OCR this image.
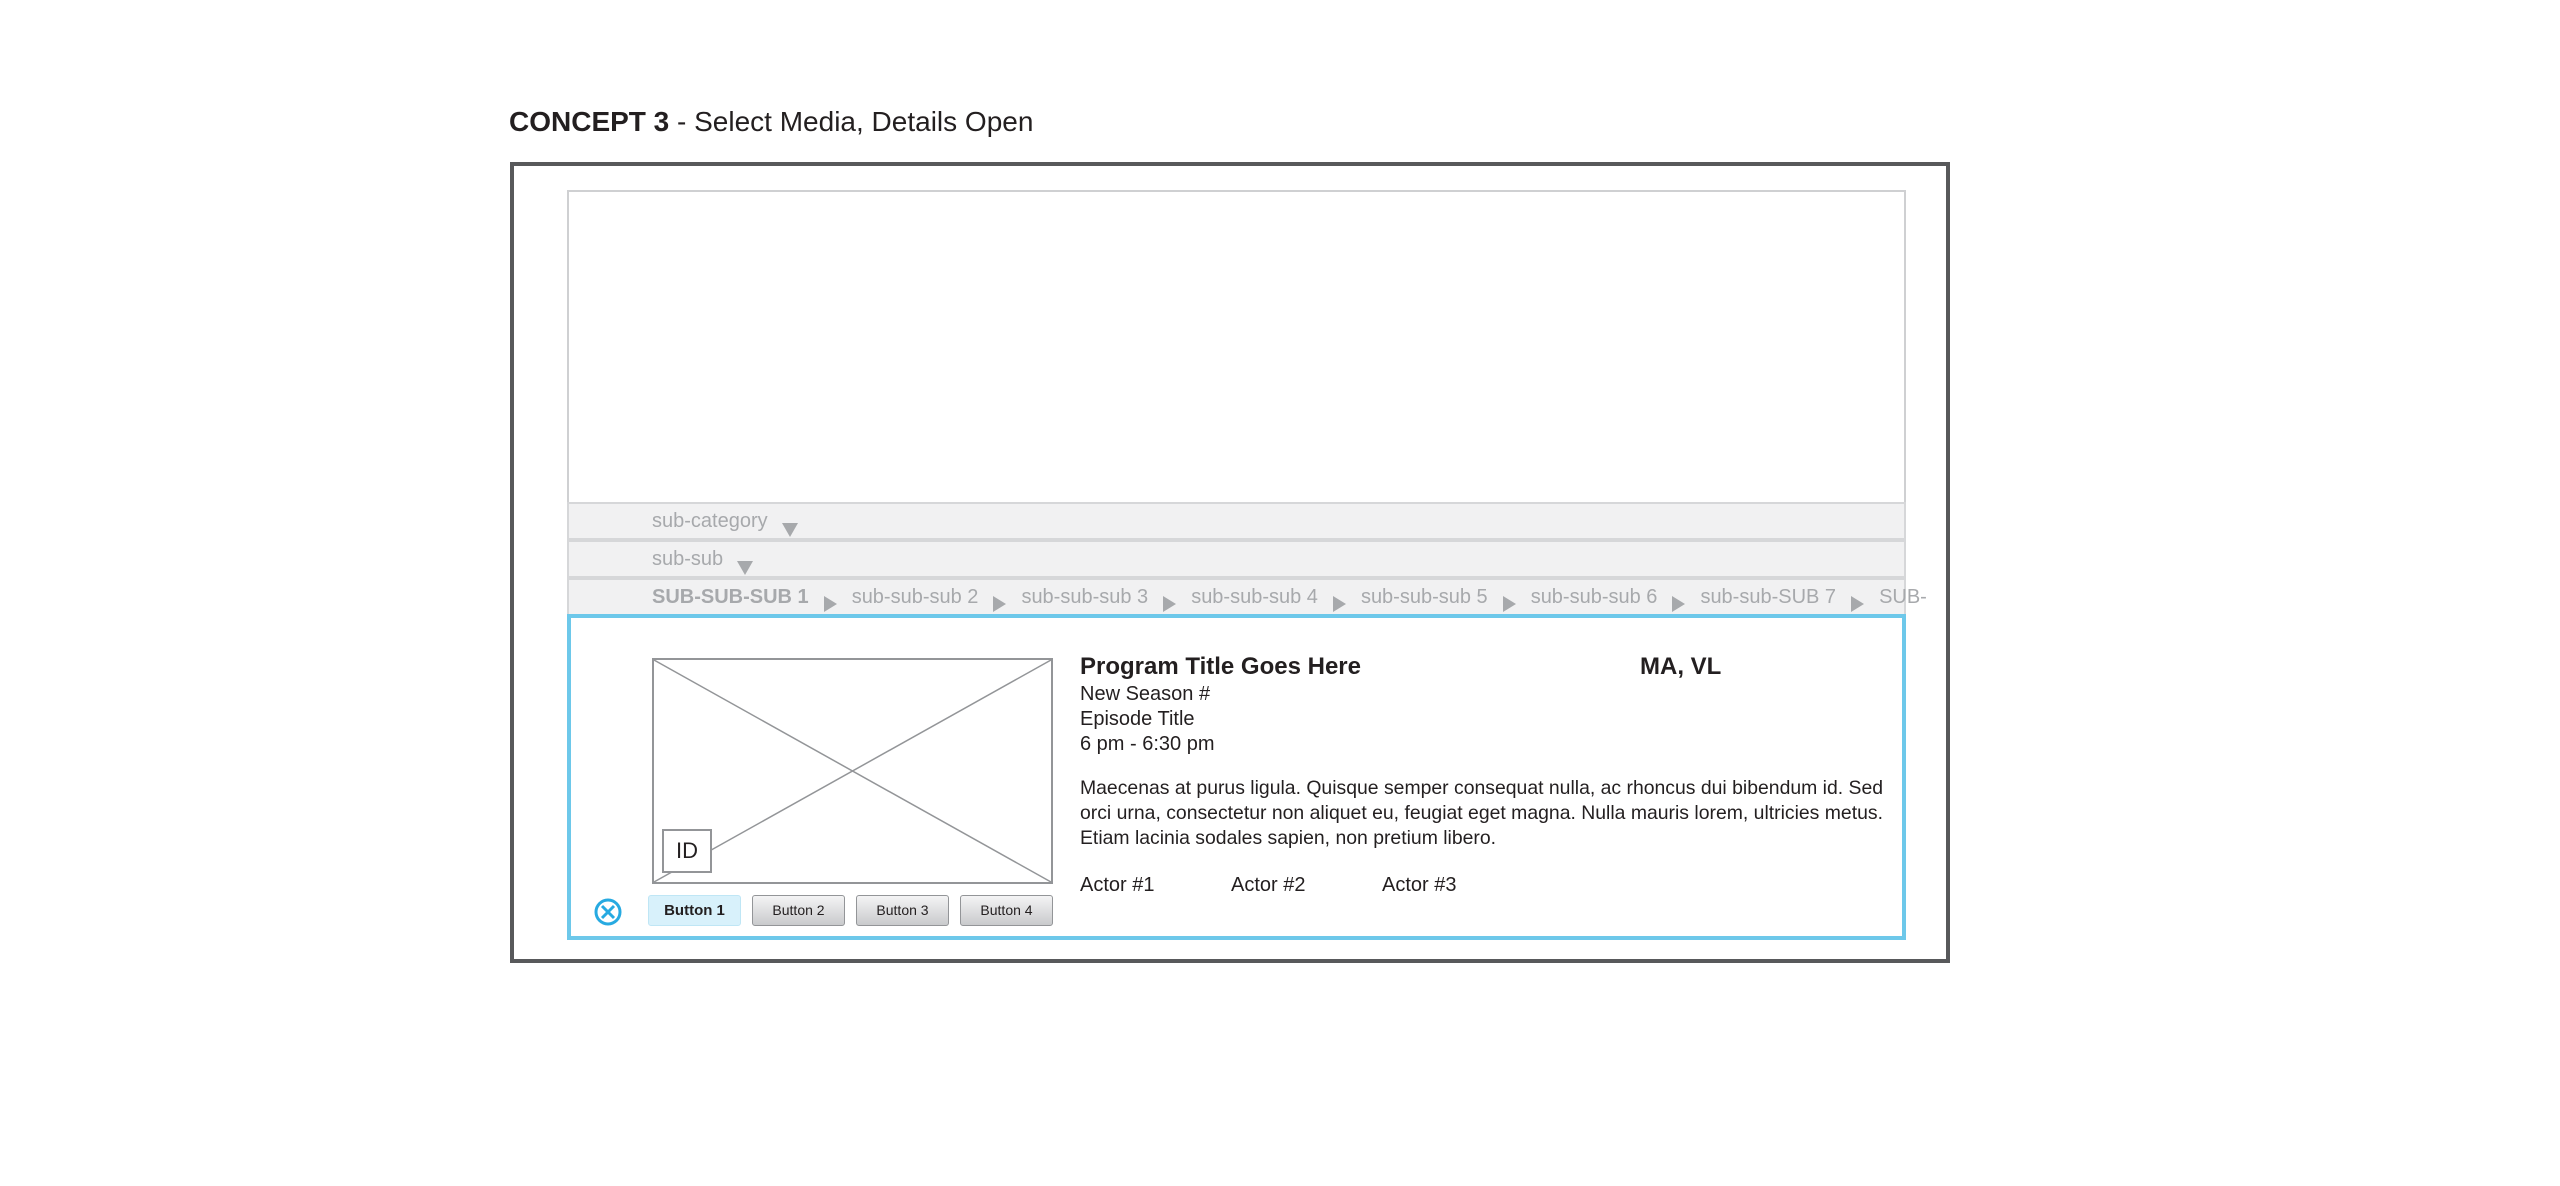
CONCEPT 3 - Select Media, Details Open
sub-category
sub-sub
SUB-SUB-SUB 1 sub-sub-sub 2 sub-sub-sub 3 sub-sub-sub 4 sub-sub-sub 5 sub-sub-sub 6 sub-sub-SUB 7 SUB-
ID
Button 1	Button 2	Button 3	Button 4
Program Title Goes Here	MA, VL
New Season #
Episode Title
6 pm - 6:30 pm
Maecenas at purus ligula. Quisque semper consequat nulla, ac rhoncus dui bibendum id. Sed orci urna, consectetur non aliquet eu, feugiat eget magna. Nulla mauris lorem, ultricies metus. Etiam lacinia sodales sapien, non pretium libero.
Actor #1	Actor #2	Actor #3
